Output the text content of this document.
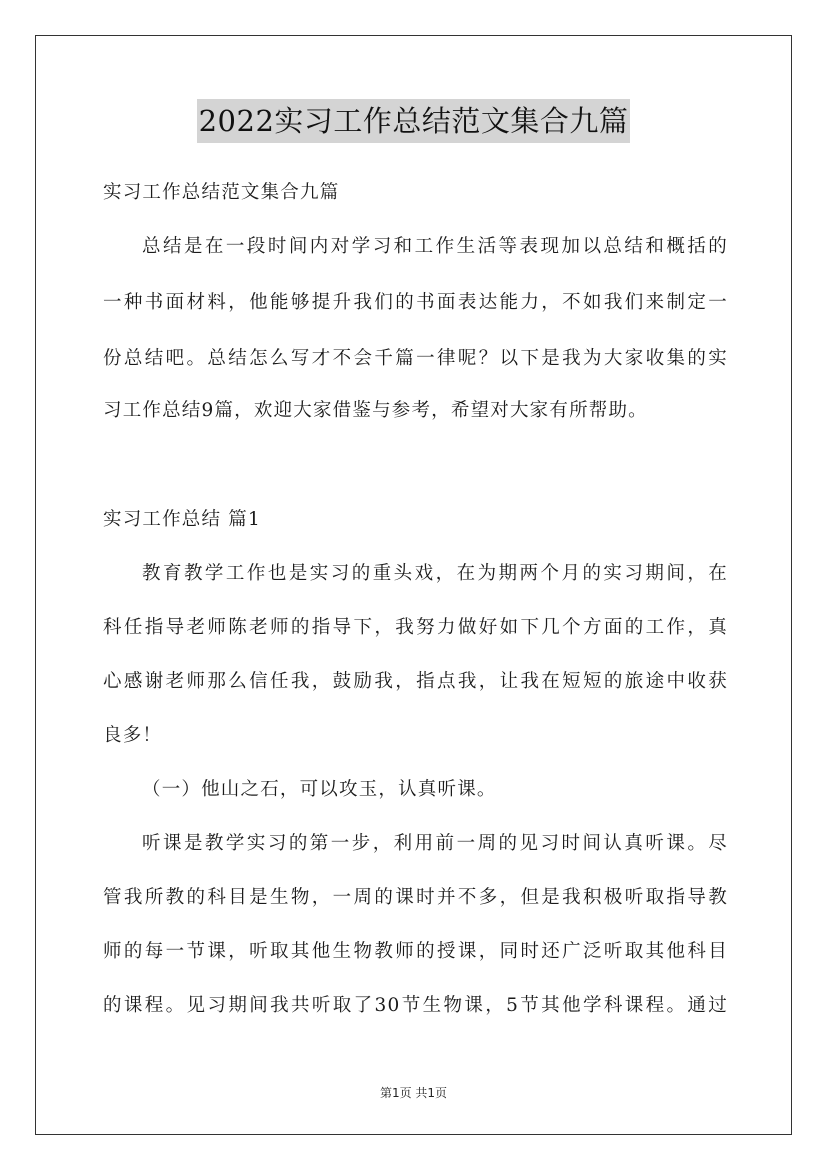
2022实习工作总结范文集合九篇
实习工作总结范文集合九篇
总结是在一段时间内对学习和工作生活等表现加以总结和概括的
一种书面材料，他能够提升我们的书面表达能力，不如我们来制定一
份总结吧。总结怎么写才不会千篇一律呢？以下是我为大家收集的实
习工作总结9篇，欢迎大家借鉴与参考，希望对大家有所帮助。
实习工作总结 篇1
教育教学工作也是实习的重头戏，在为期两个月的实习期间，在
科任指导老师陈老师的指导下，我努力做好如下几个方面的工作，真
心感谢老师那么信任我，鼓励我，指点我，让我在短短的旅途中收获
良多！
（一）他山之石，可以攻玉，认真听课。
听课是教学实习的第一步，利用前一周的见习时间认真听课。尽
管我所教的科目是生物，一周的课时并不多，但是我积极听取指导教
师的每一节课，听取其他生物教师的授课，同时还广泛听取其他科目
的课程。见习期间我共听取了30节生物课，5节其他学科课程。通过
第1页 共1页
